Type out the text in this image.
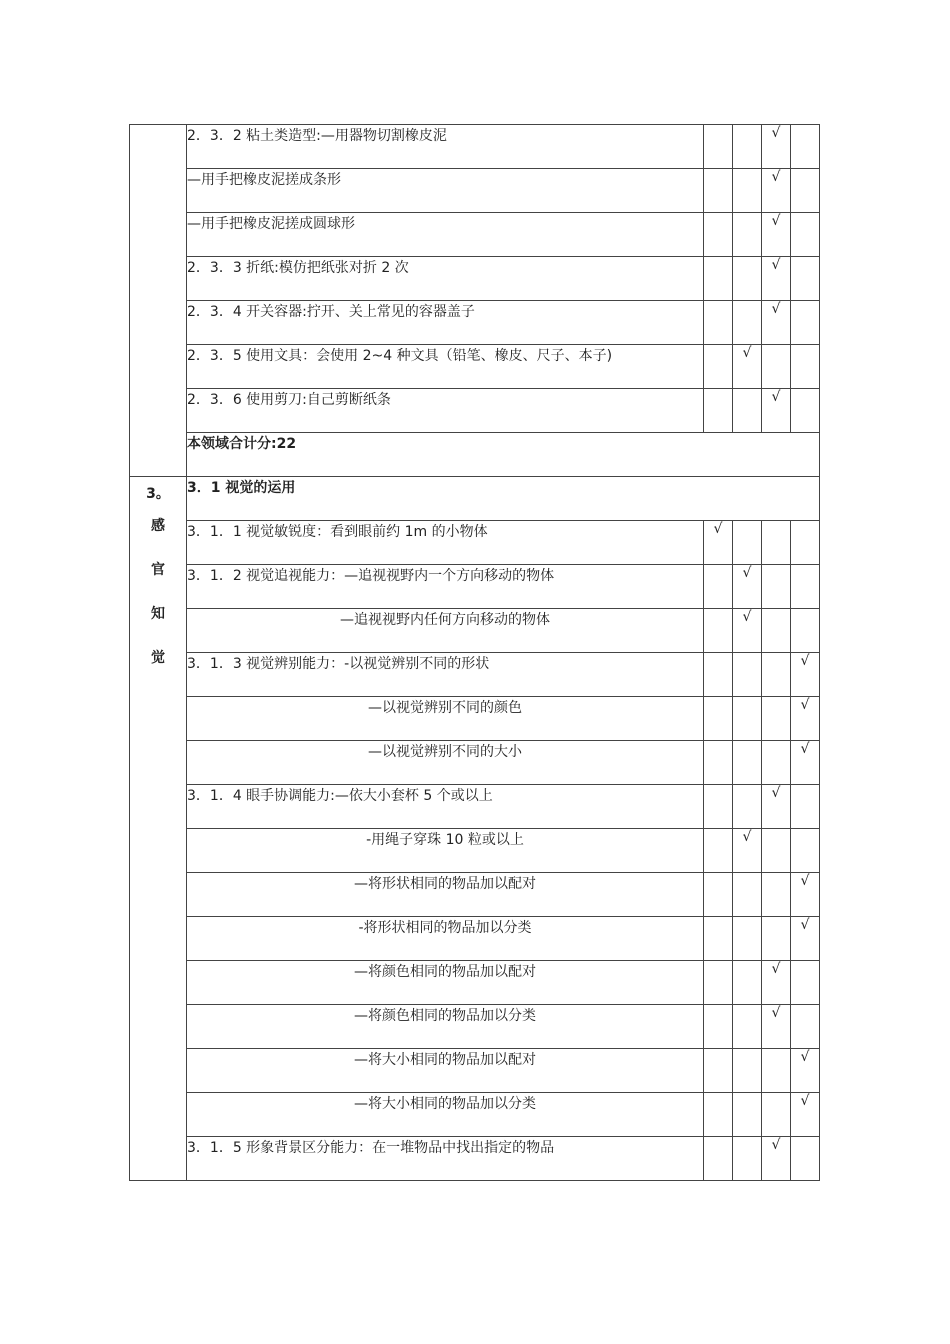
	2．3．2 粘土类造型:—用器物切割橡皮泥			√	
	—用手把橡皮泥搓成条形			√	
	—用手把橡皮泥搓成圆球形			√	
	2．3．3 折纸:模仿把纸张对折 2 次			√	
	2．3．4 开关容器:拧开、关上常见的容器盖子			√	
	2．3．5 使用文具：会使用 2~4 种文具（铅笔、橡皮、尺子、本子)		√		
	2．3．6 使用剪刀:自己剪断纸条			√	
	本领域合计分:22				

3。
感
官
知
觉	3．1 视觉的运用				
	3．1．1 视觉敏锐度：看到眼前约 1m 的小物体	√			
	3．1．2 视觉追视能力：—追视视野内一个方向移动的物体		√		
	—追视视野内任何方向移动的物体		√		
	3．1．3 视觉辨别能力：-以视觉辨别不同的形状				√
	—以视觉辨别不同的颜色				√
	—以视觉辨别不同的大小				√
	3．1．4 眼手协调能力:—依大小套杯 5 个或以上			√	
	-用绳子穿珠 10 粒或以上		√		
	—将形状相同的物品加以配对				√
	-将形状相同的物品加以分类				√
	—将颜色相同的物品加以配对			√	
	—将颜色相同的物品加以分类			√	
	—将大小相同的物品加以配对				√
	—将大小相同的物品加以分类				√
	3．1．5 形象背景区分能力：在一堆物品中找出指定的物品			√	
